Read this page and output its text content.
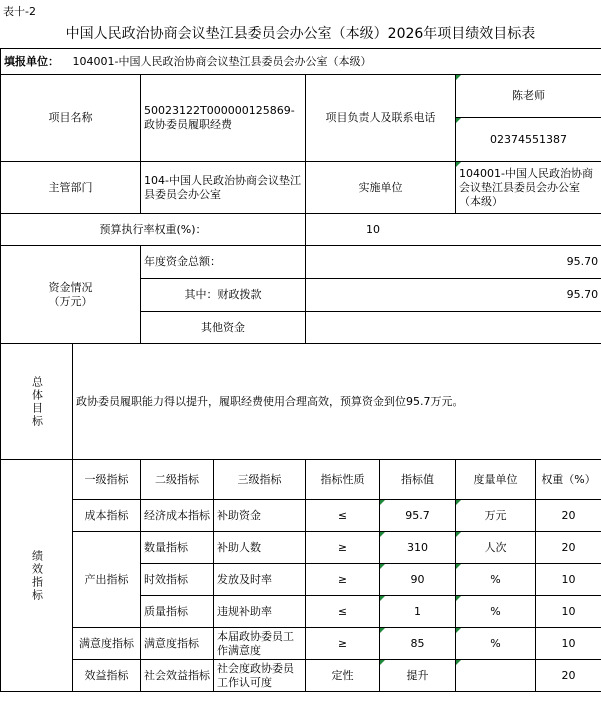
表十-2
中国人民政治协商会议垫江县委员会办公室（本级）2026年项目绩效目标表
填报单位： 104001-中国人民政治协商会议垫江县委员会办公室（本级）							
项目名称		50023122T000000125869-政协委员履职经费		项目负责人及联系电话		陈老师	
						02374551387	
主管部门		104-中国人民政治协商会议垫江县委员会办公室		实施单位		104001-中国人民政治协商会议垫江县委员会办公室（本级）	
预算执行率权重(%)：				10			
资金情况
（万元）		年度资金总额：		95.70			
		其中：财政拨款		95.70			
		其他资金					

总体目标	政协委员履职能力得以提升，履职经费使用合理高效，预算资金到位95.7万元。						

绩效指标	一级指标	二级指标	三级指标	指标性质	指标值	度量单位	权重（%）
	成本指标	经济成本指标	补助资金	≤	95.7	万元	20
	产出指标	数量指标	补助人数	≥	310	人次	20
		时效指标	发放及时率	≥	90	%	10
		质量指标	违规补助率	≤	1	%	10
	满意度指标	满意度指标	本届政协委员工作满意度	≥	85	%	10
	效益指标	社会效益指标	社会度政协委员工作认可度	定性	提升		20
